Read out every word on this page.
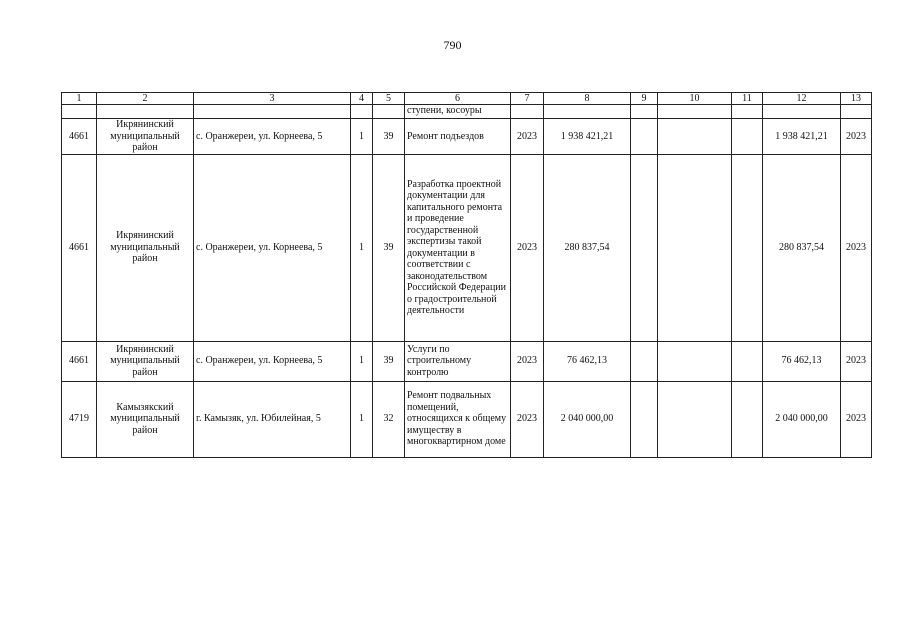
790
1	2	3	4	5	6	7	8	9	10	11	12	13
					ступени, косоуры							
4661	Икрянинский муниципальный район	с. Оранжереи, ул. Корнеева, 5	1	39	Ремонт подъездов	2023	1 938 421,21				1 938 421,21	2023
4661	Икрянинский муниципальный район	с. Оранжереи, ул. Корнеева, 5	1	39	Разработка проектной документации для капитального ремонта и проведение государственной экспертизы такой документации в соответствии с законодательством Российской Федерации о градостроительной деятельности	2023	280 837,54				280 837,54	2023
4661	Икрянинский муниципальный район	с. Оранжереи, ул. Корнеева, 5	1	39	Услуги по строительному контролю	2023	76 462,13				76 462,13	2023
4719	Камызякский муниципальный район	г. Камызяк, ул. Юбилейная, 5	1	32	Ремонт подвальных помещений, относящихся к общему имуществу в многоквартирном доме	2023	2 040 000,00				2 040 000,00	2023
